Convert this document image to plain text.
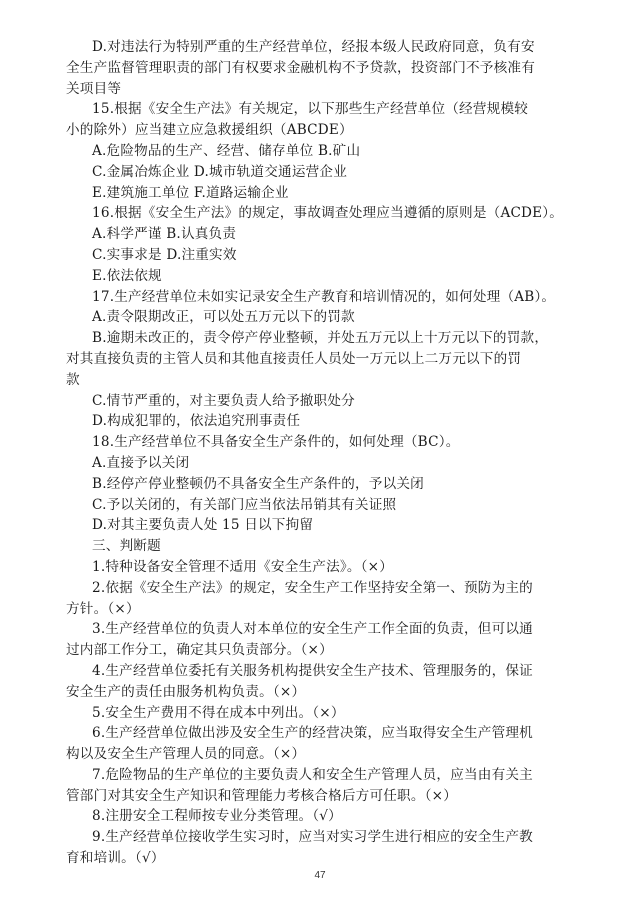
D.对违法行为特别严重的生产经营单位，经报本级人民政府同意，负有安
全生产监督管理职责的部门有权要求金融机构不予贷款，投资部门不予核准有
关项目等
15.根据《安全生产法》有关规定，以下那些生产经营单位（经营规模较
小的除外）应当建立应急救援组织（ABCDE）
A.危险物品的生产、经营、储存单位 B.矿山
C.金属冶炼企业 D.城市轨道交通运营企业
E.建筑施工单位 F.道路运输企业
16.根据《安全生产法》的规定，事故调查处理应当遵循的原则是（ACDE）。
A.科学严谨 B.认真负责
C.实事求是 D.注重实效
E.依法依规
17.生产经营单位未如实记录安全生产教育和培训情况的，如何处理（AB）。
A.责令限期改正，可以处五万元以下的罚款
B.逾期未改正的，责令停产停业整顿，并处五万元以上十万元以下的罚款，
对其直接负责的主管人员和其他直接责任人员处一万元以上二万元以下的罚
款
C.情节严重的，对主要负责人给予撤职处分
D.构成犯罪的，依法追究刑事责任
18.生产经营单位不具备安全生产条件的，如何处理（BC）。
A.直接予以关闭
B.经停产停业整顿仍不具备安全生产条件的，予以关闭
C.予以关闭的，有关部门应当依法吊销其有关证照
D.对其主要负责人处 15 日以下拘留
三、判断题
1.特种设备安全管理不适用《安全生产法》。（×）
2.依据《安全生产法》的规定，安全生产工作坚持安全第一、预防为主的
方针。（×）
3.生产经营单位的负责人对本单位的安全生产工作全面的负责，但可以通
过内部工作分工，确定其只负责部分。（×）
4.生产经营单位委托有关服务机构提供安全生产技术、管理服务的，保证
安全生产的责任由服务机构负责。（×）
5.安全生产费用不得在成本中列出。（×）
6.生产经营单位做出涉及安全生产的经营决策，应当取得安全生产管理机
构以及安全生产管理人员的同意。（×）
7.危险物品的生产单位的主要负责人和安全生产管理人员，应当由有关主
管部门对其安全生产知识和管理能力考核合格后方可任职。（×）
8.注册安全工程师按专业分类管理。（√）
9.生产经营单位接收学生实习时，应当对实习学生进行相应的安全生产教
育和培训。（√）
47
